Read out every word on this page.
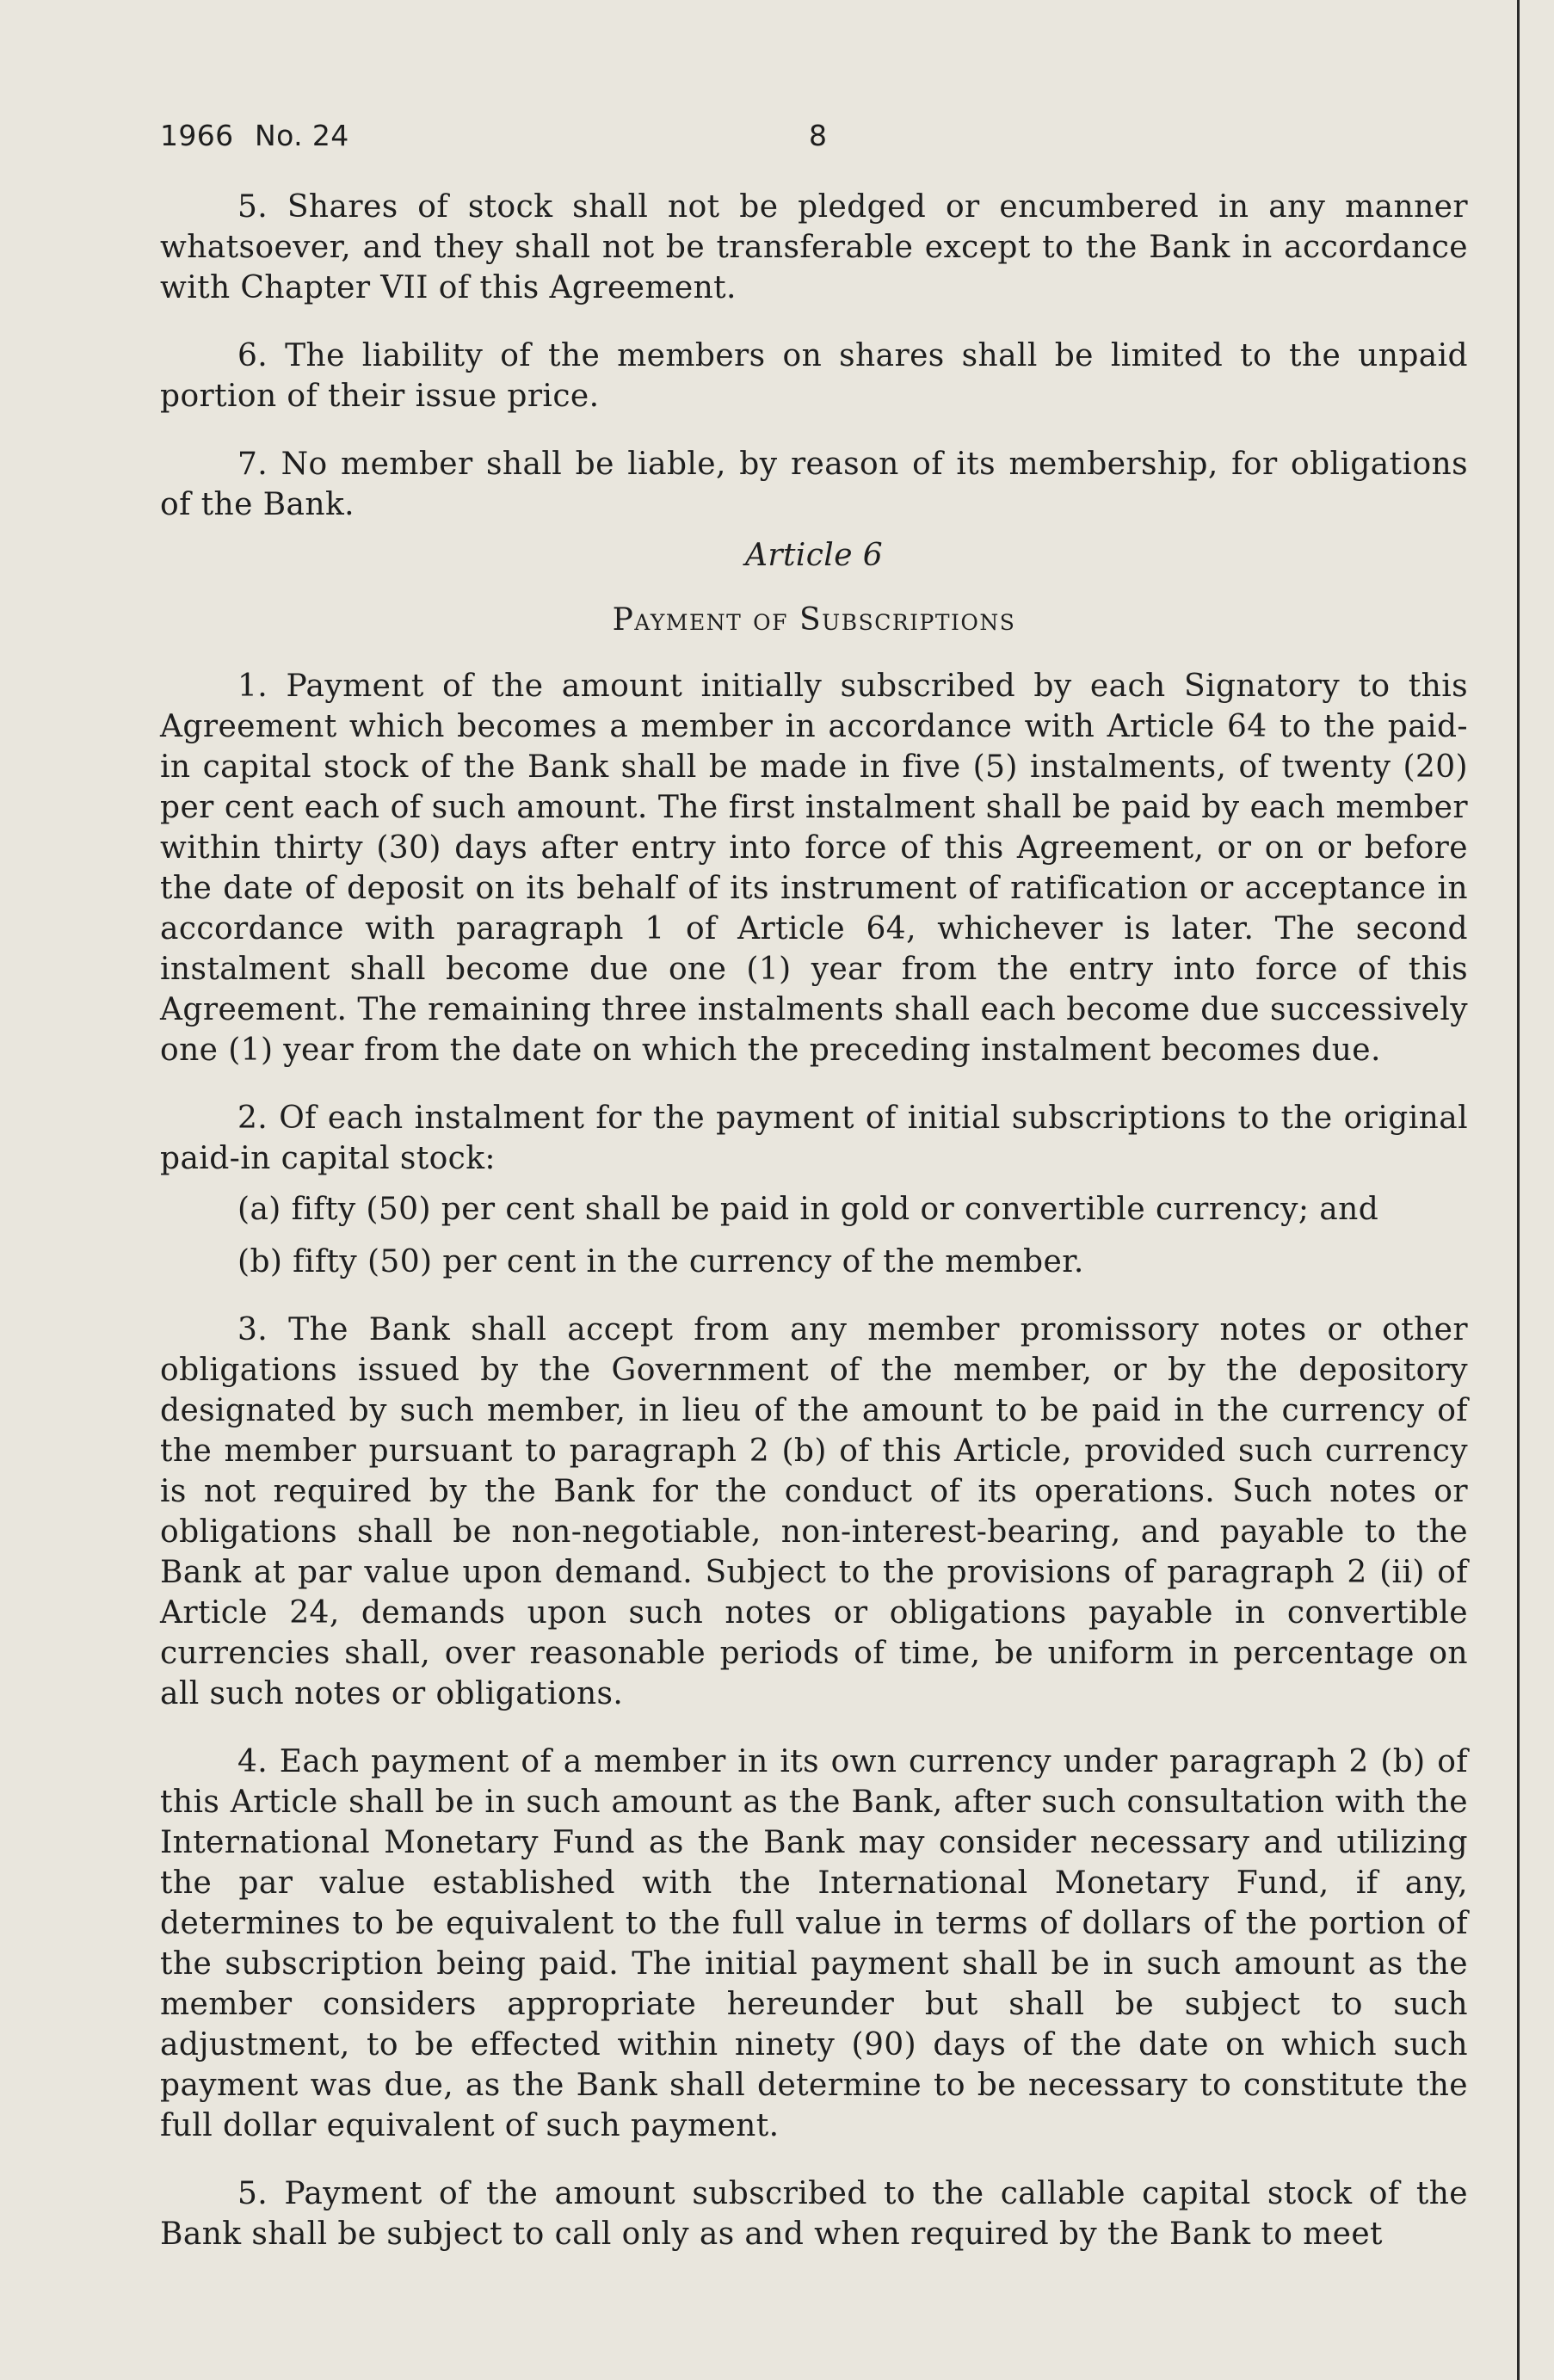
1966 No. 24	8

5. Shares of stock shall not be pledged or encumbered in any manner whatsoever, and they shall not be transferable except to the Bank in accordance with Chapter VII of this Agreement.

6. The liability of the members on shares shall be limited to the unpaid portion of their issue price.

7. No member shall be liable, by reason of its membership, for obligations of the Bank.

Article 6
Payment of Subscriptions

1. Payment of the amount initially subscribed by each Signatory to this Agreement which becomes a member in accordance with Article 64 to the paid-in capital stock of the Bank shall be made in five (5) instalments, of twenty (20) per cent each of such amount. The first instalment shall be paid by each member within thirty (30) days after entry into force of this Agreement, or on or before the date of deposit on its behalf of its instrument of ratification or acceptance in accordance with paragraph 1 of Article 64, whichever is later. The second instalment shall become due one (1) year from the entry into force of this Agreement. The remaining three instalments shall each become due successively one (1) year from the date on which the preceding instalment becomes due.

2. Of each instalment for the payment of initial subscriptions to the original paid-in capital stock:

(a) fifty (50) per cent shall be paid in gold or convertible currency; and

(b) fifty (50) per cent in the currency of the member.

3. The Bank shall accept from any member promissory notes or other obligations issued by the Government of the member, or by the depository designated by such member, in lieu of the amount to be paid in the currency of the member pursuant to paragraph 2 (b) of this Article, provided such currency is not required by the Bank for the conduct of its operations. Such notes or obligations shall be non-negotiable, non-interest-bearing, and payable to the Bank at par value upon demand. Subject to the provisions of paragraph 2 (ii) of Article 24, demands upon such notes or obligations payable in convertible currencies shall, over reasonable periods of time, be uniform in percentage on all such notes or obligations.

4. Each payment of a member in its own currency under paragraph 2 (b) of this Article shall be in such amount as the Bank, after such consultation with the International Monetary Fund as the Bank may consider necessary and utilizing the par value established with the International Monetary Fund, if any, determines to be equivalent to the full value in terms of dollars of the portion of the subscription being paid. The initial payment shall be in such amount as the member considers appropriate hereunder but shall be subject to such adjustment, to be effected within ninety (90) days of the date on which such payment was due, as the Bank shall determine to be necessary to constitute the full dollar equivalent of such payment.

5. Payment of the amount subscribed to the callable capital stock of the Bank shall be subject to call only as and when required by the Bank to meet
